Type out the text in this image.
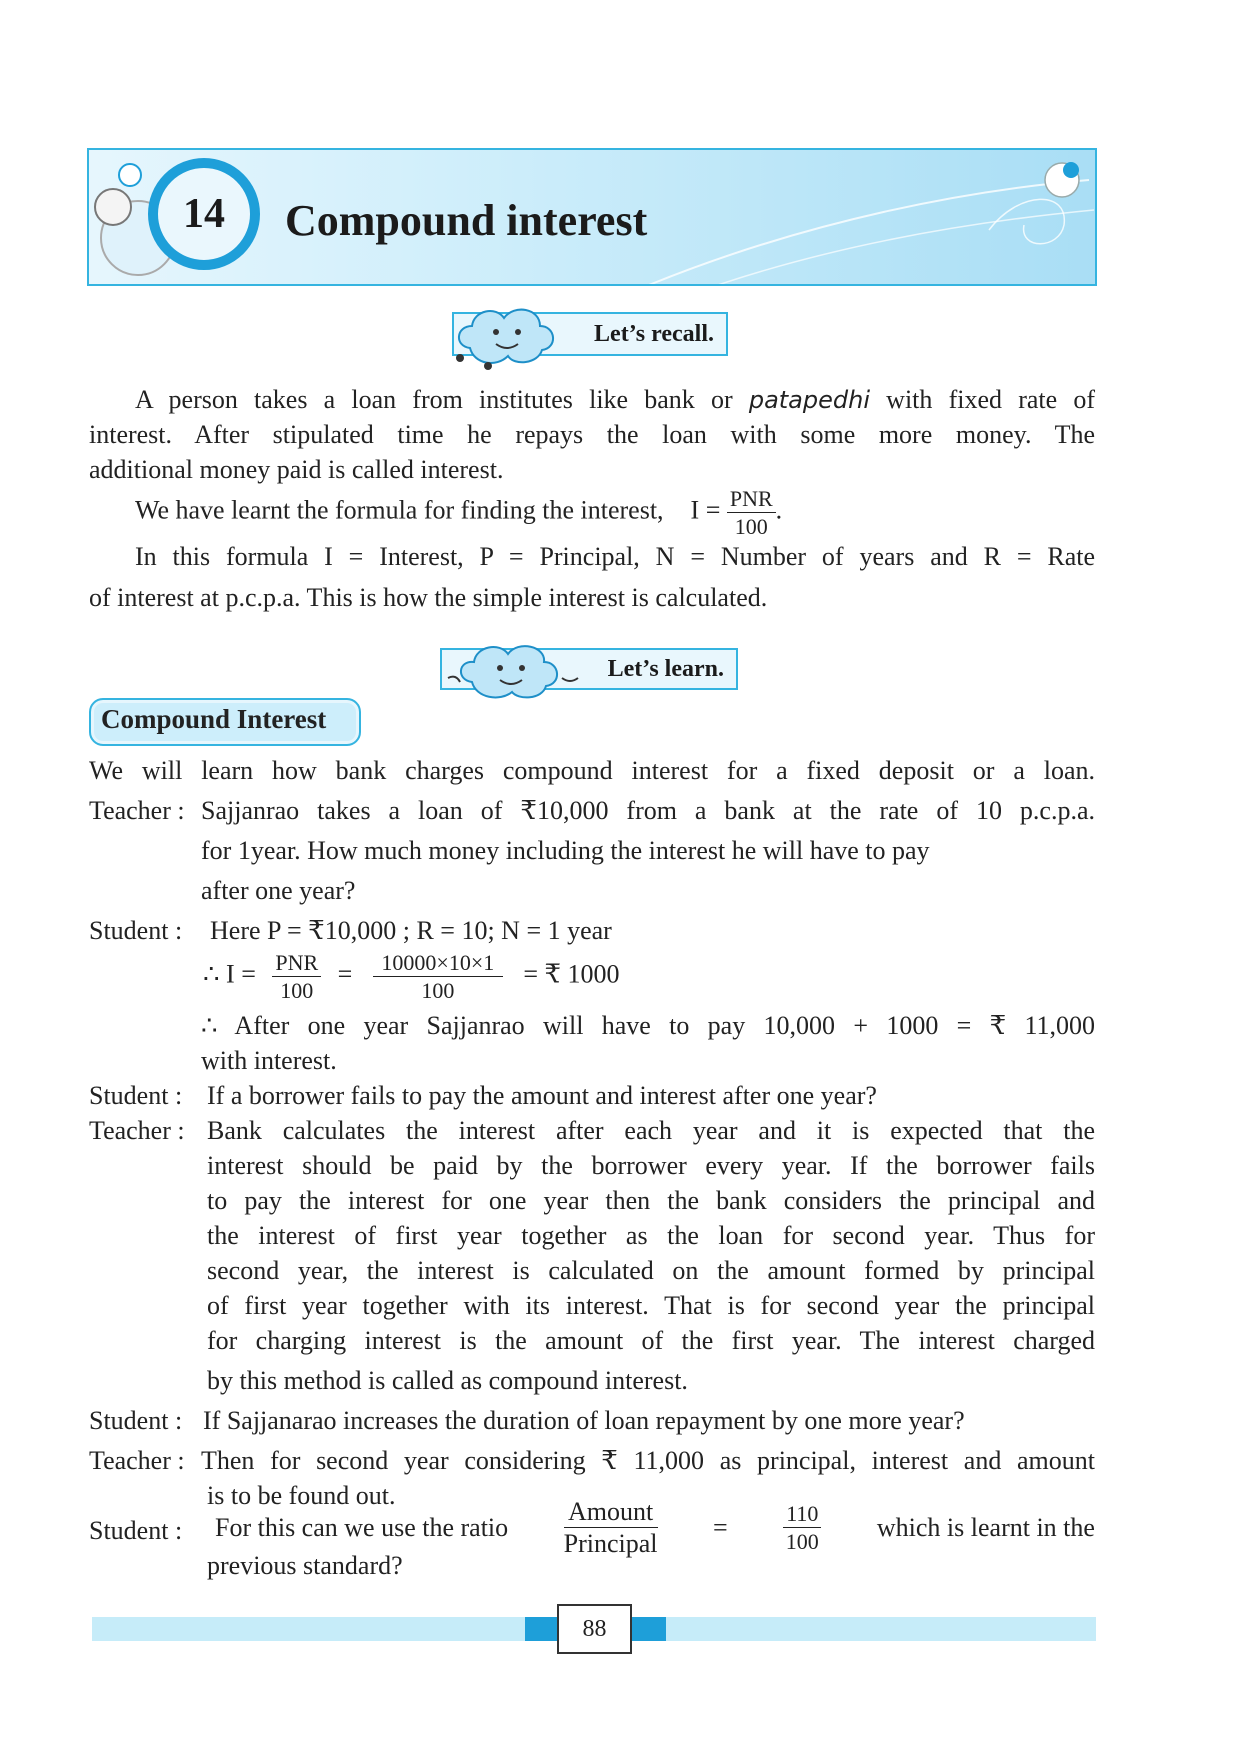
14	Compound interest
Let’s recall.
A person takes a loan from institutes like bank or patapedhi with fixed rate of
interest. After stipulated time he repays the loan with some more money. The
additional money paid is called interest.
We have learnt the formula for finding the interest, $I = \frac{\text{PNR}}{100}$ .
In this formula I = Interest, P = Principal, N = Number of years and R = Rate
of interest at p.c.p.a. This is how the simple interest is calculated.
Let’s learn.
Compound Interest
We will learn how bank charges compound interest for a fixed deposit or a loan.
Teacher : Sajjanrao takes a loan of ₹10,000 from a bank at the rate of 10 p.c.p.a.
for 1year. How much money including the interest he will have to pay
after one year?
Student : Here P = ₹10,000 ; R = 10; N = 1 year
∴ $I = \frac{\text{PNR}}{100} = \frac{10000\times 10\times 1}{100}$ = ₹ 1000
∴ After one year Sajjanrao will have to pay 10,000 + 1000 = ₹ 11,000
with interest.
Student : If a borrower fails to pay the amount and interest after one year?
Teacher : Bank calculates the interest after each year and it is expected that the
interest should be paid by the borrower every year. If the borrower fails
to pay the interest for one year then the bank considers the principal and
the interest of first year together as the loan for second year. Thus for
second year, the interest is calculated on the amount formed by principal
of first year together with its interest. That is for second year the principal
for charging interest is the amount of the first year. The interest charged
by this method is called as compound interest.
Student : If Sajjanarao increases the duration of loan repayment by one more year?
Teacher : Then for second year considering ₹ 11,000 as principal, interest and amount
is to be found out.
Student : For this can we use the ratio $\frac{\text{Amount}}{\text{Principal}}$ =	$\frac{110}{100}$ which is learnt in the
previous standard?
88
